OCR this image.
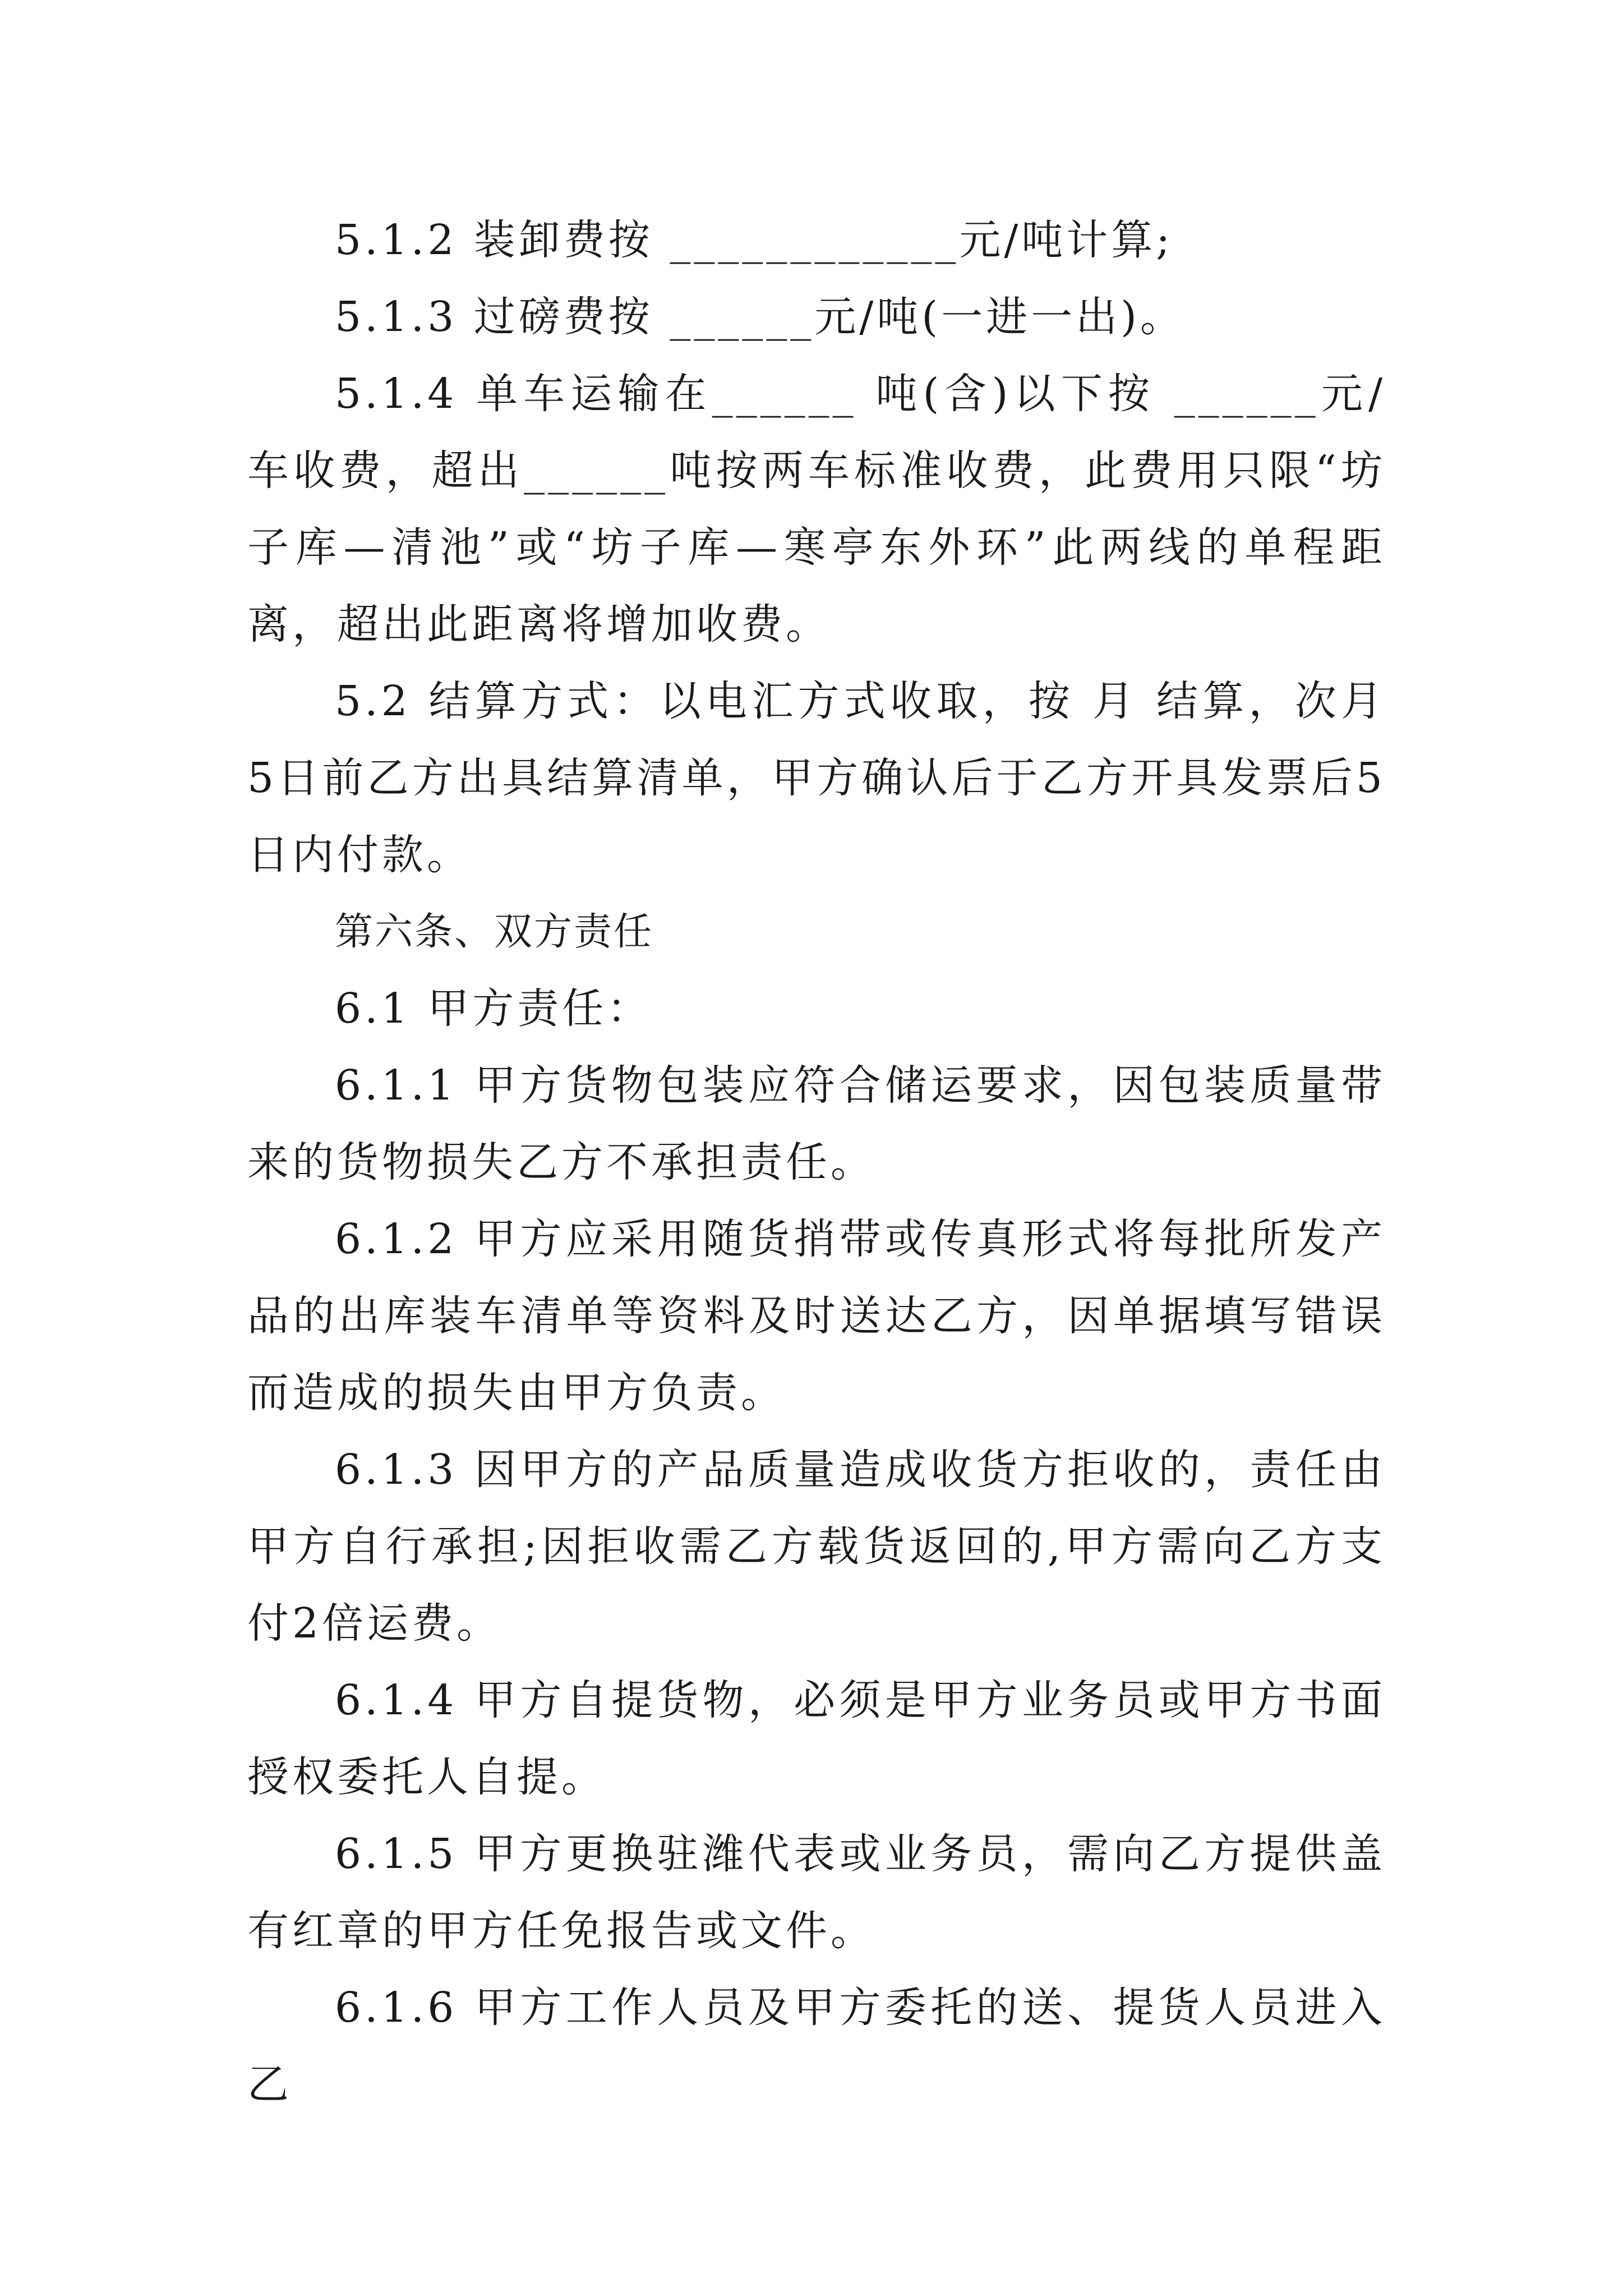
5.1.2 装卸费按 ____________元/吨计算;

5.1.3 过磅费按 ______元/吨(一进一出)。

5.1.4 单车运输在______ 吨(含)以下按 ______元/车收费，超出______吨按两车标准收费，此费用只限“坊子库—清池”或“坊子库—寒亭东外环”此两线的单程距离，超出此距离将增加收费。

5.2 结算方式：以电汇方式收取，按 月 结算，次月5日前乙方出具结算清单，甲方确认后于乙方开具发票后5日内付款。

第六条、双方责任

6.1 甲方责任：

6.1.1 甲方货物包装应符合储运要求，因包装质量带来的货物损失乙方不承担责任。

6.1.2 甲方应采用随货捎带或传真形式将每批所发产品的出库装车清单等资料及时送达乙方，因单据填写错误而造成的损失由甲方负责。

6.1.3 因甲方的产品质量造成收货方拒收的，责任由甲方自行承担;因拒收需乙方载货返回的,甲方需向乙方支付2倍运费。

6.1.4 甲方自提货物，必须是甲方业务员或甲方书面授权委托人自提。

6.1.5 甲方更换驻潍代表或业务员，需向乙方提供盖有红章的甲方任免报告或文件。

6.1.6 甲方工作人员及甲方委托的送、提货人员进入乙
